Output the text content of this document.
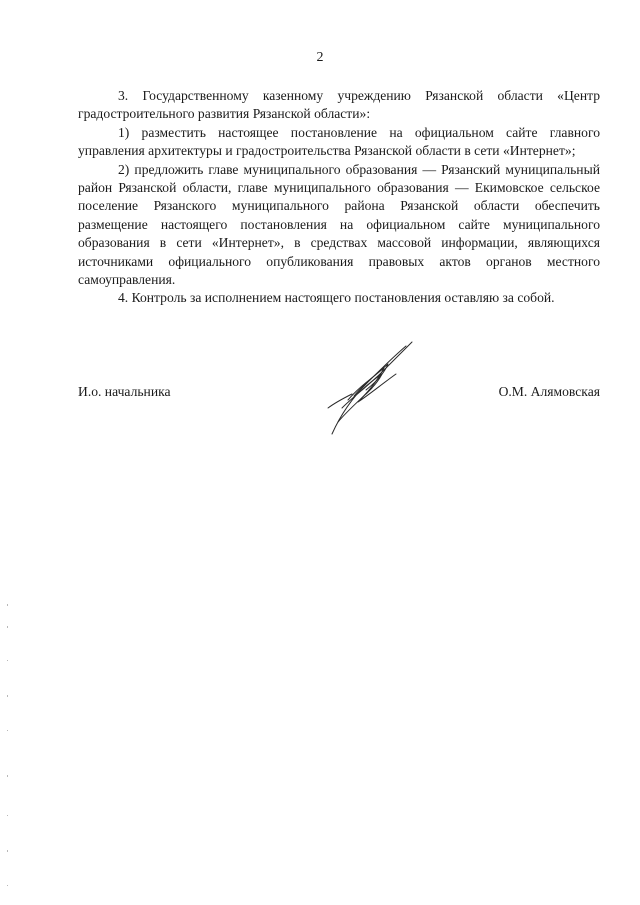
2

3. Государственному казенному учреждению Рязанской области «Центр градостроительного развития Рязанской области»:

1) разместить настоящее постановление на официальном сайте главного управления архитектуры и градостроительства Рязанской области в сети «Интернет»;

2) предложить главе муниципального образования — Рязанский муниципальный район Рязанской области, главе муниципального образования — Екимовское сельское поселение Рязанского муниципального района Рязанской области обеспечить размещение настоящего постановления на официальном сайте муниципального образования в сети «Интернет», в средствах массовой информации, являющихся источниками официального опубликования правовых актов органов местного самоуправления.

4. Контроль за исполнением настоящего постановления оставляю за собой.

И.о. начальника	О.М. Алямовская
